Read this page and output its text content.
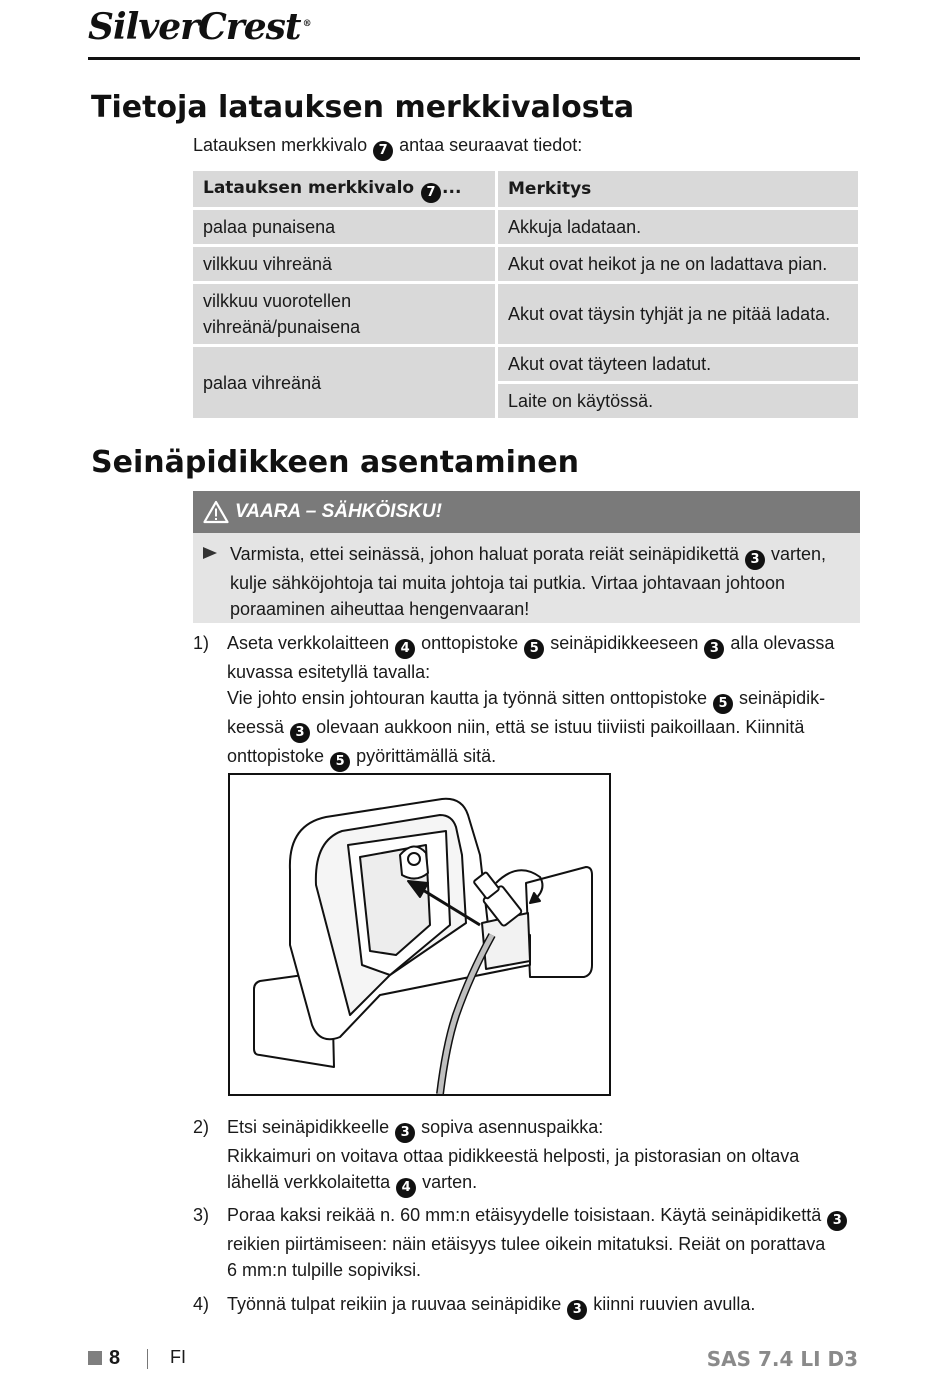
SilverCrest ®
Tietoja latauksen merkkivalosta
Latauksen merkkivalo 7 antaa seuraavat tiedot:
Latauksen merkkivalo 7 ...	Merkitys
palaa punaisena	Akkuja ladataan.
vilkkuu vihreänä	Akut ovat heikot ja ne on ladattava pian.

vilkkuu vuorotellen
vihreänä/punaisena	Akut ovat täysin tyhjät ja ne pitää ladata.
palaa vihreänä	Akut ovat täyteen ladatut.
	Laite on käytössä.
Seinäpidikkeen asentaminen
VAARA – SÄHKÖISKU!
Varmista, ettei seinässä, johon haluat porata reiät seinäpidikettä 3 varten,
kulje sähköjohtoja tai muita johtoja tai putkia. Virtaa johtavaan johtoon
poraaminen aiheuttaa hengenvaaran!
1) Aseta verkkolaitteen 4 onttopistoke 5 seinäpidikkeeseen 3 alla olevassa
kuvassa esitetyllä tavalla:
Vie johto ensin johtouran kautta ja työnnä sitten onttopistoke 5 seinäpidik-
keessä 3 olevaan aukkoon niin, että se istuu tiiviisti paikoillaan. Kiinnitä
onttopistoke 5 pyörittämällä sitä.
2) Etsi seinäpidikkeelle 3 sopiva asennuspaikka:
Rikkaimuri on voitava ottaa pidikkeestä helposti, ja pistorasian on oltava
lähellä verkkolaitetta 4 varten.
3) Poraa kaksi reikää n. 60 mm:n etäisyydelle toisistaan. Käytä seinäpidikettä 3
reikien piirtämiseen: näin etäisyys tulee oikein mitatuksi. Reiät on porattava
6 mm:n tulpille sopiviksi.
4) Työnnä tulpat reikiin ja ruuvaa seinäpidike 3 kiinni ruuvien avulla.
8	FI	SAS 7.4 LI D3
